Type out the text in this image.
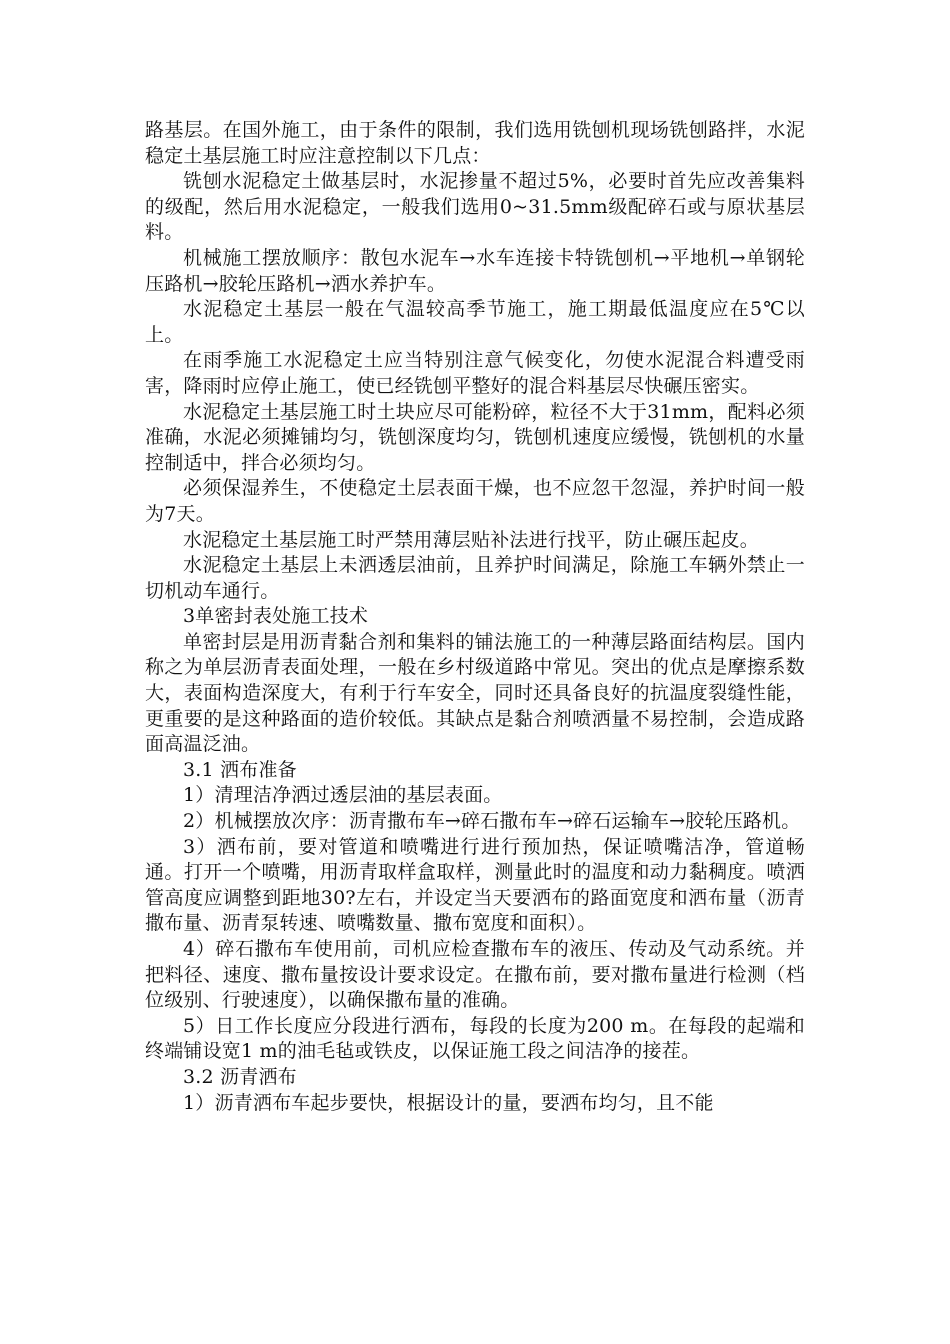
路基层。在国外施工，由于条件的限制，我们选用铣刨机现场铣刨路拌，水泥稳定土基层施工时应注意控制以下几点：

铣刨水泥稳定土做基层时，水泥掺量不超过5%，必要时首先应改善集料的级配，然后用水泥稳定，一般我们选用0~31.5mm级配碎石或与原状基层料。

机械施工摆放顺序：散包水泥车→水车连接卡特铣刨机→平地机→单钢轮压路机→胶轮压路机→洒水养护车。

水泥稳定土基层一般在气温较高季节施工，施工期最低温度应在5℃以上。

在雨季施工水泥稳定土应当特别注意气候变化，勿使水泥混合料遭受雨害，降雨时应停止施工，使已经铣刨平整好的混合料基层尽快碾压密实。

水泥稳定土基层施工时土块应尽可能粉碎，粒径不大于31mm，配料必须准确，水泥必须摊铺均匀，铣刨深度均匀，铣刨机速度应缓慢，铣刨机的水量控制适中，拌合必须均匀。

必须保湿养生，不使稳定土层表面干燥，也不应忽干忽湿，养护时间一般为7天。

水泥稳定土基层施工时严禁用薄层贴补法进行找平，防止碾压起皮。

水泥稳定土基层上未洒透层油前，且养护时间满足，除施工车辆外禁止一切机动车通行。

3单密封表处施工技术

单密封层是用沥青黏合剂和集料的铺法施工的一种薄层路面结构层。国内称之为单层沥青表面处理，一般在乡村级道路中常见。突出的优点是摩擦系数大，表面构造深度大，有利于行车安全，同时还具备良好的抗温度裂缝性能，更重要的是这种路面的造价较低。其缺点是黏合剂喷洒量不易控制，会造成路面高温泛油。

3.1 洒布准备

1）清理洁净洒过透层油的基层表面。

2）机械摆放次序：沥青撒布车→碎石撒布车→碎石运输车→胶轮压路机。

3）洒布前，要对管道和喷嘴进行进行预加热，保证喷嘴洁净，管道畅通。打开一个喷嘴，用沥青取样盒取样，测量此时的温度和动力黏稠度。喷洒管高度应调整到距地30?左右，并设定当天要洒布的路面宽度和洒布量（沥青撒布量、沥青泵转速、喷嘴数量、撒布宽度和面积）。

4）碎石撒布车使用前，司机应检查撒布车的液压、传动及气动系统。并把料径、速度、撒布量按设计要求设定。在撒布前，要对撒布量进行检测（档位级别、行驶速度），以确保撒布量的准确。

5）日工作长度应分段进行洒布，每段的长度为200 m。在每段的起端和终端铺设宽1 m的油毛毡或铁皮，以保证施工段之间洁净的接茬。

3.2 沥青洒布

1）沥青洒布车起步要快，根据设计的量，要洒布均匀，且不能
